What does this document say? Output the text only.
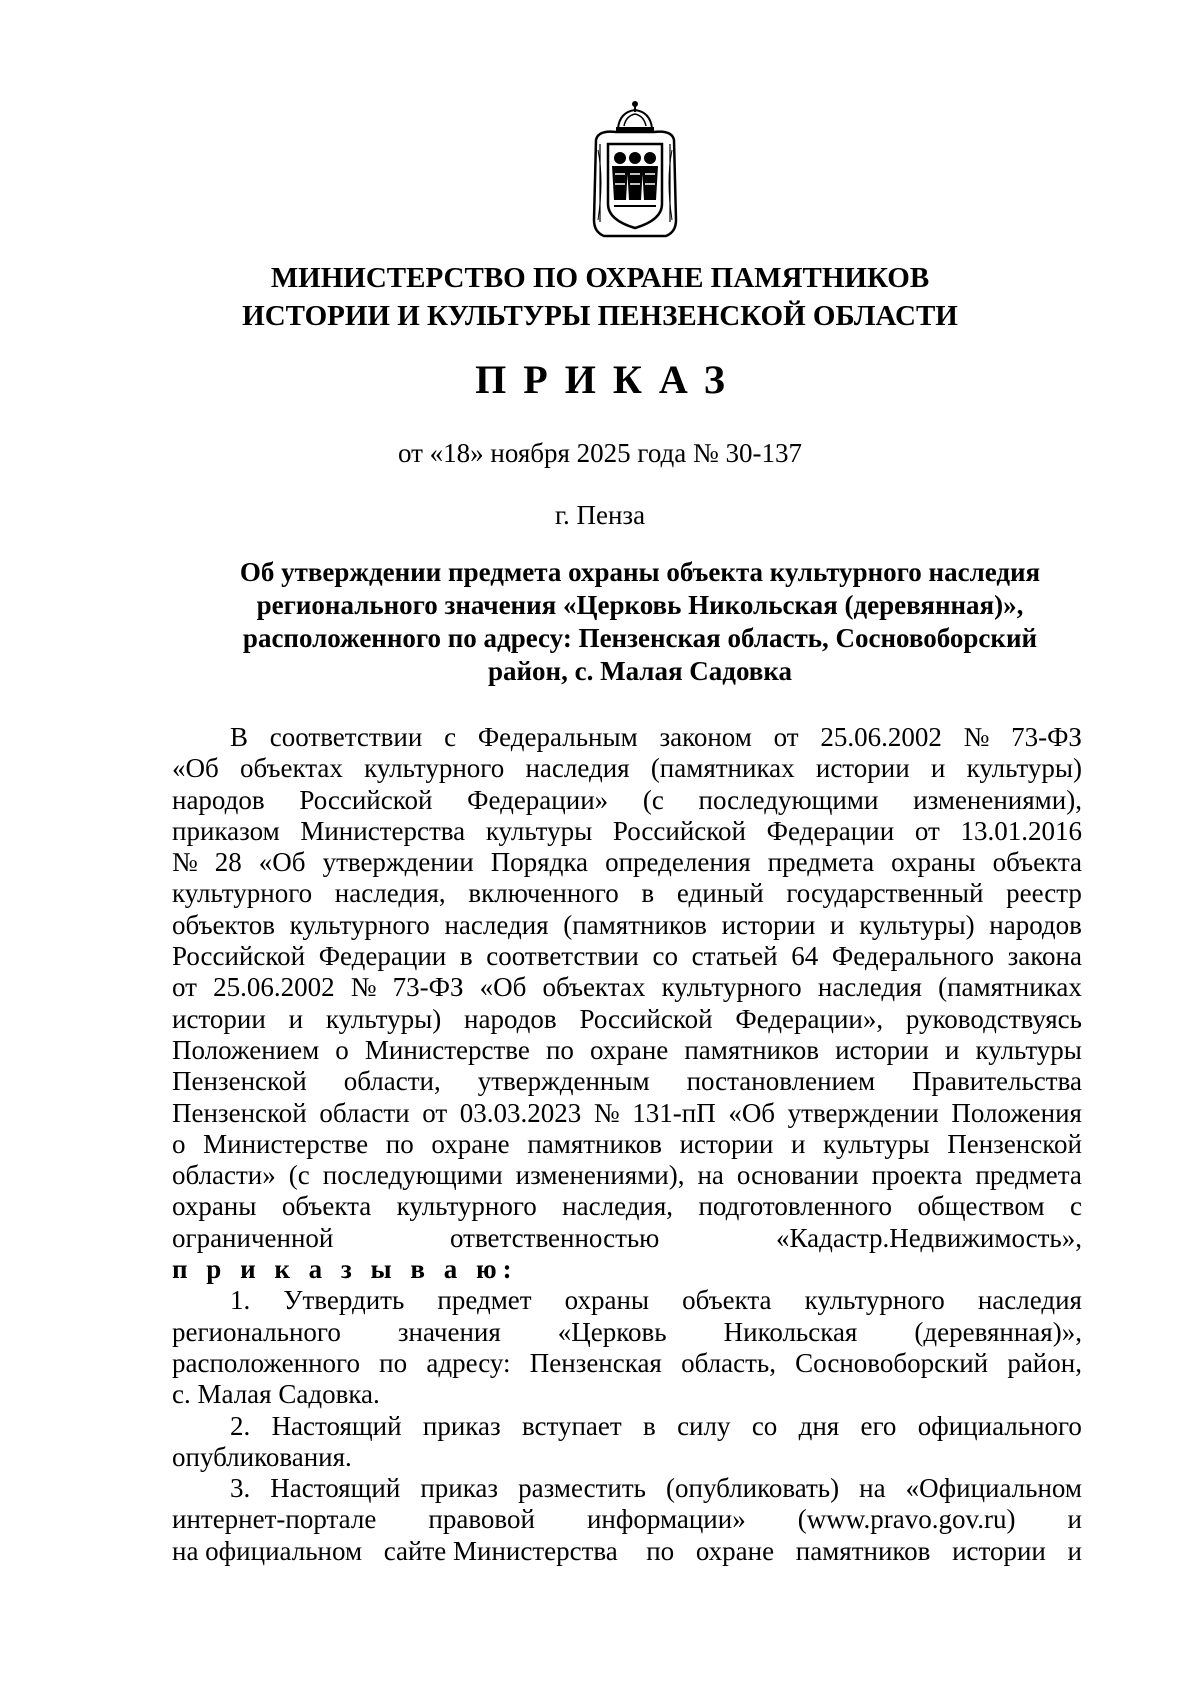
МИНИСТЕРСТВО ПО ОХРАНЕ ПАМЯТНИКОВ
ИСТОРИИ И КУЛЬТУРЫ ПЕНЗЕНСКОЙ ОБЛАСТИ
ПРИКАЗ
от «18» ноября 2025 года № 30-137
г. Пенза
Об утверждении предмета охраны объекта культурного наследия
регионального значения «Церковь Никольская (деревянная)»,
расположенного по адресу: Пензенская область, Сосновоборский
район, с. Малая Садовка
В соответствии с Федеральным законом от 25.06.2002 № 73-ФЗ
«Об объектах культурного наследия (памятниках истории и культуры)
народов Российской Федерации» (с последующими изменениями),
приказом Министерства культуры Российской Федерации от 13.01.2016
№ 28 «Об утверждении Порядка определения предмета охраны объекта
культурного наследия, включенного в единый государственный реестр
объектов культурного наследия (памятников истории и культуры) народов
Российской Федерации в соответствии со статьей 64 Федерального закона
от 25.06.2002 № 73-ФЗ «Об объектах культурного наследия (памятниках
истории и культуры) народов Российской Федерации», руководствуясь
Положением о Министерстве по охране памятников истории и культуры
Пензенской области, утвержденным постановлением Правительства
Пензенской области от 03.03.2023 № 131-пП «Об утверждении Положения
о Министерстве по охране памятников истории и культуры Пензенской
области» (с последующими изменениями), на основании проекта предмета
охраны объекта культурного наследия, подготовленного обществом с
ограниченной	ответственностью	«Кадастр.Недвижимость»,
п р и к а з ы в а ю:
1. Утвердить предмет охраны объекта культурного наследия
регионального значения «Церковь Никольская (деревянная)»,
расположенного по адресу: Пензенская область, Сосновоборский район,
с. Малая Садовка.
2. Настоящий приказ вступает в силу со дня его официального
опубликования.
3. Настоящий приказ разместить (опубликовать) на «Официальном
интернет-портале правовой информации» (www.pravo.gov.ru) и
на официальном сайте Министерства по охране памятников истории и
